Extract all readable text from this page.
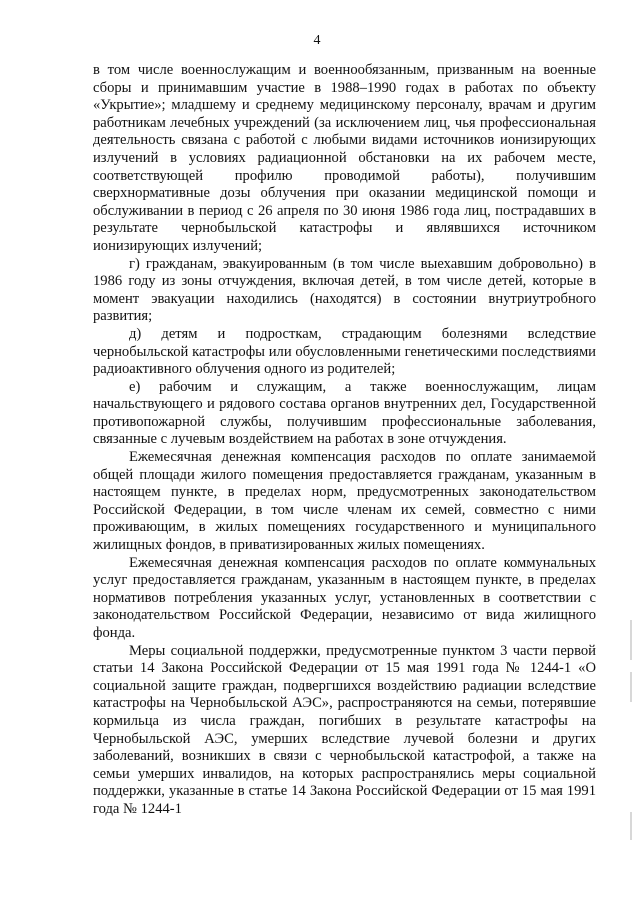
4

в том числе военнослужащим и военнообязанным, призванным на военные сборы и принимавшим участие в 1988–1990 годах в работах по объекту «Укрытие»; младшему и среднему медицинскому персоналу, врачам и другим работникам лечебных учреждений (за исключением лиц, чья профессиональная деятельность связана с работой с любыми видами источников ионизирующих излучений в условиях радиационной обстановки на их рабочем месте, соответствующей профилю проводимой работы), получившим сверхнормативные дозы облучения при оказании медицинской помощи и обслуживании в период с 26 апреля по 30 июня 1986 года лиц, пострадавших в результате чернобыльской катастрофы и являвшихся источником ионизирующих излучений;

г) гражданам, эвакуированным (в том числе выехавшим добровольно) в 1986 году из зоны отчуждения, включая детей, в том числе детей, которые в момент эвакуации находились (находятся) в состоянии внутриутробного развития;

д) детям и подросткам, страдающим болезнями вследствие чернобыльской катастрофы или обусловленными генетическими последствиями радиоактивного облучения одного из родителей;

е) рабочим и служащим, а также военнослужащим, лицам начальствующего и рядового состава органов внутренних дел, Государственной противопожарной службы, получившим профессиональные заболевания, связанные с лучевым воздействием на работах в зоне отчуждения.

Ежемесячная денежная компенсация расходов по оплате занимаемой общей площади жилого помещения предоставляется гражданам, указанным в настоящем пункте, в пределах норм, предусмотренных законодательством Российской Федерации, в том числе членам их семей, совместно с ними проживающим, в жилых помещениях государственного и муниципального жилищных фондов, в приватизированных жилых помещениях.

Ежемесячная денежная компенсация расходов по оплате коммунальных услуг предоставляется гражданам, указанным в настоящем пункте, в пределах нормативов потребления указанных услуг, установленных в соответствии с законодательством Российской Федерации, независимо от вида жилищного фонда.

Меры социальной поддержки, предусмотренные пунктом 3 части первой статьи 14 Закона Российской Федерации от 15 мая 1991 года № 1244-1 «О социальной защите граждан, подвергшихся воздействию радиации вследствие катастрофы на Чернобыльской АЭС», распространяются на семьи, потерявшие кормильца из числа граждан, погибших в результате катастрофы на Чернобыльской АЭС, умерших вследствие лучевой болезни и других заболеваний, возникших в связи с чернобыльской катастрофой, а также на семьи умерших инвалидов, на которых распространялись меры социальной поддержки, указанные в статье 14 Закона Российской Федерации от 15 мая 1991 года № 1244-1
